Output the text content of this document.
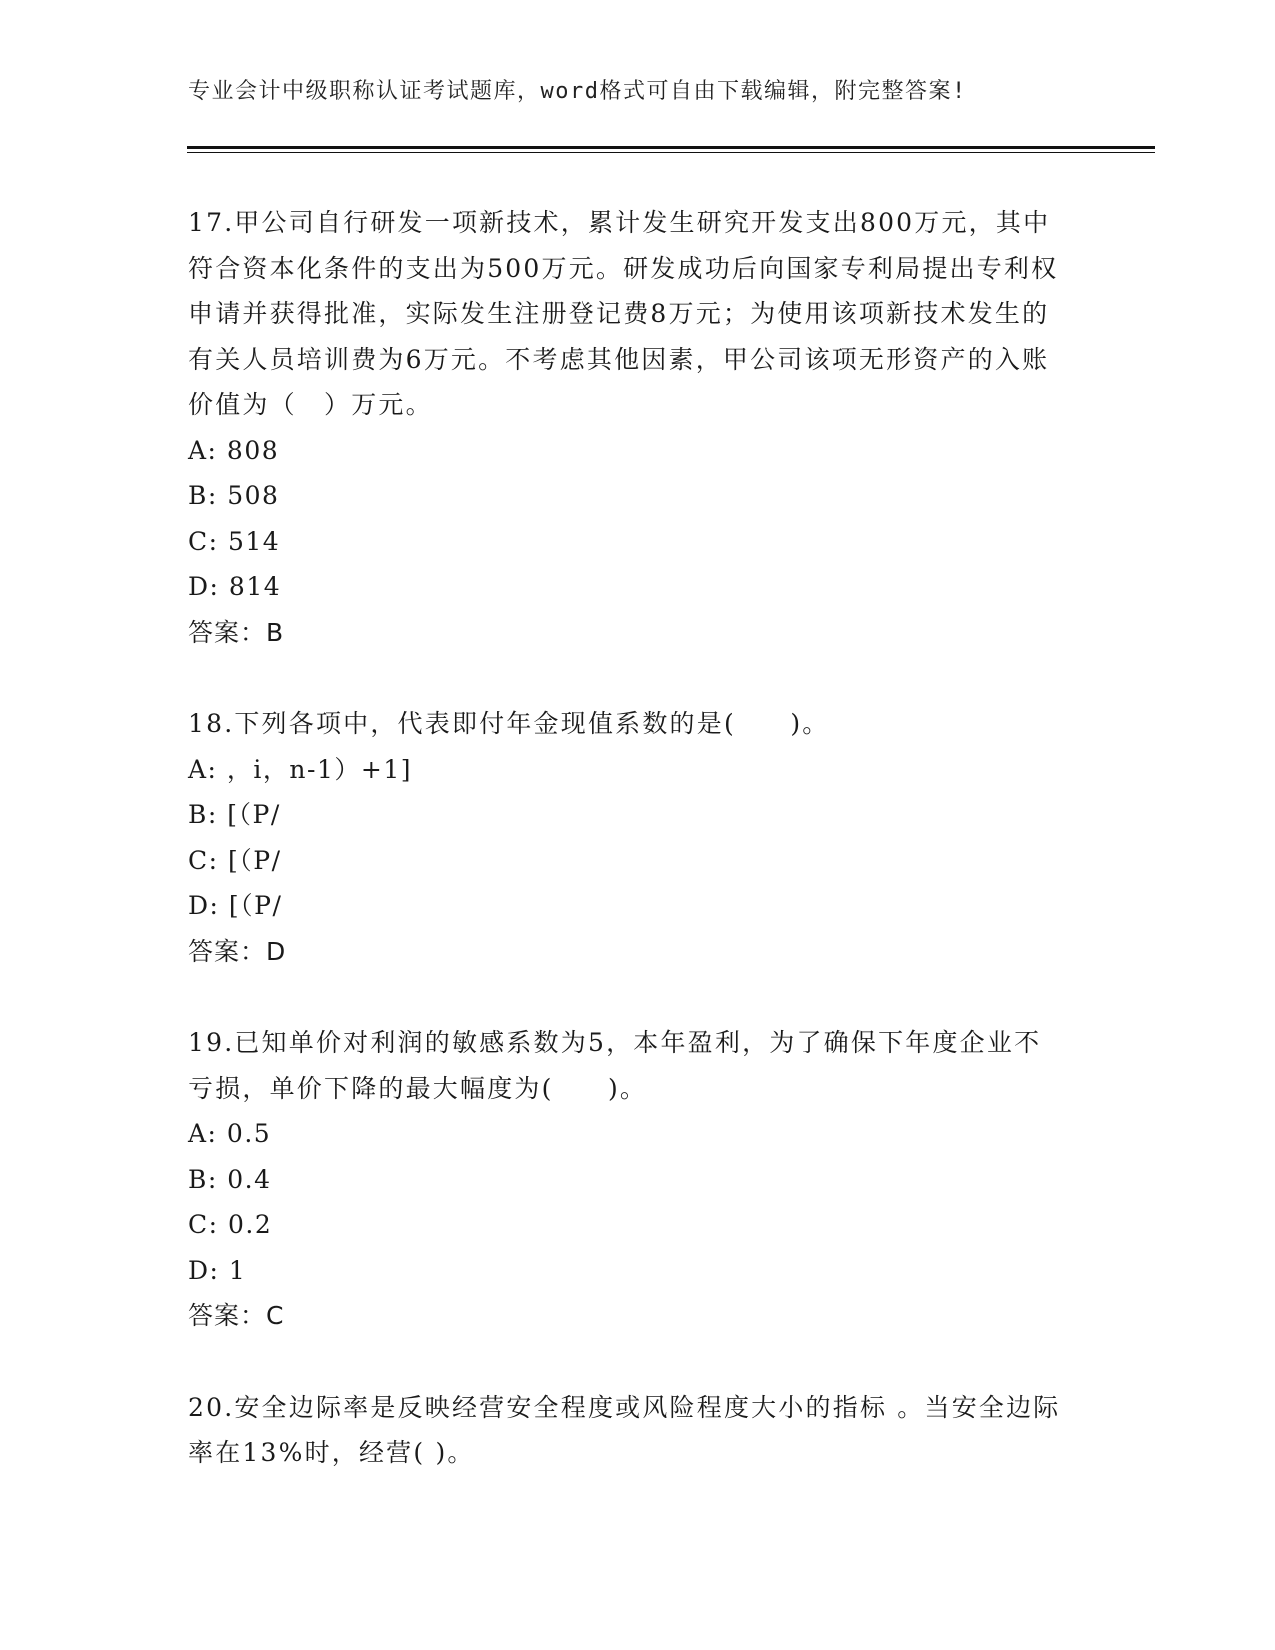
专业会计中级职称认证考试题库，word格式可自由下载编辑，附完整答案!

17.甲公司自行研发一项新技术，累计发生研究开发支出800万元，其中符合资本化条件的支出为500万元。研发成功后向国家专利局提出专利权申请并获得批准，实际发生注册登记费8万元；为使用该项新技术发生的有关人员培训费为6万元。不考虑其他因素，甲公司该项无形资产的入账价值为（　）万元。

A: 808

B: 508

C: 514

D: 814

答案：B

18.下列各项中，代表即付年金现值系数的是(　　)。

A: ，i，n-1）+1]

B: [（P/

C: [（P/

D: [（P/

答案：D

19.已知单价对利润的敏感系数为5，本年盈利，为了确保下年度企业不亏损，单价下降的最大幅度为(　　)。

A: 0.5

B: 0.4

C: 0.2

D: 1

答案：C

20.安全边际率是反映经营安全程度或风险程度大小的指标 。当安全边际率在13%时，经营( )。
